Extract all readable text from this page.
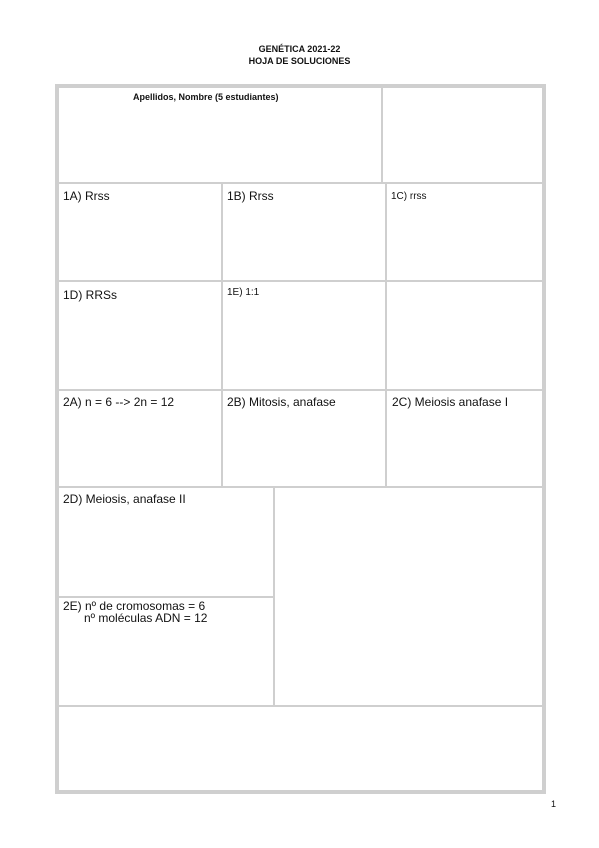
GENÉTICA 2021-22
HOJA DE SOLUCIONES
Apellidos, Nombre (5 estudiantes)
1A) Rrss	1B) Rrss	1C) rrss
1D) RRSs	1E) 1:1
2A) n = 6 --> 2n = 12	2B) Mitosis, anafase	2C) Meiosis anafase I
2D) Meiosis, anafase II
2E) nº de cromosomas = 6
nº moléculas ADN = 12
1
